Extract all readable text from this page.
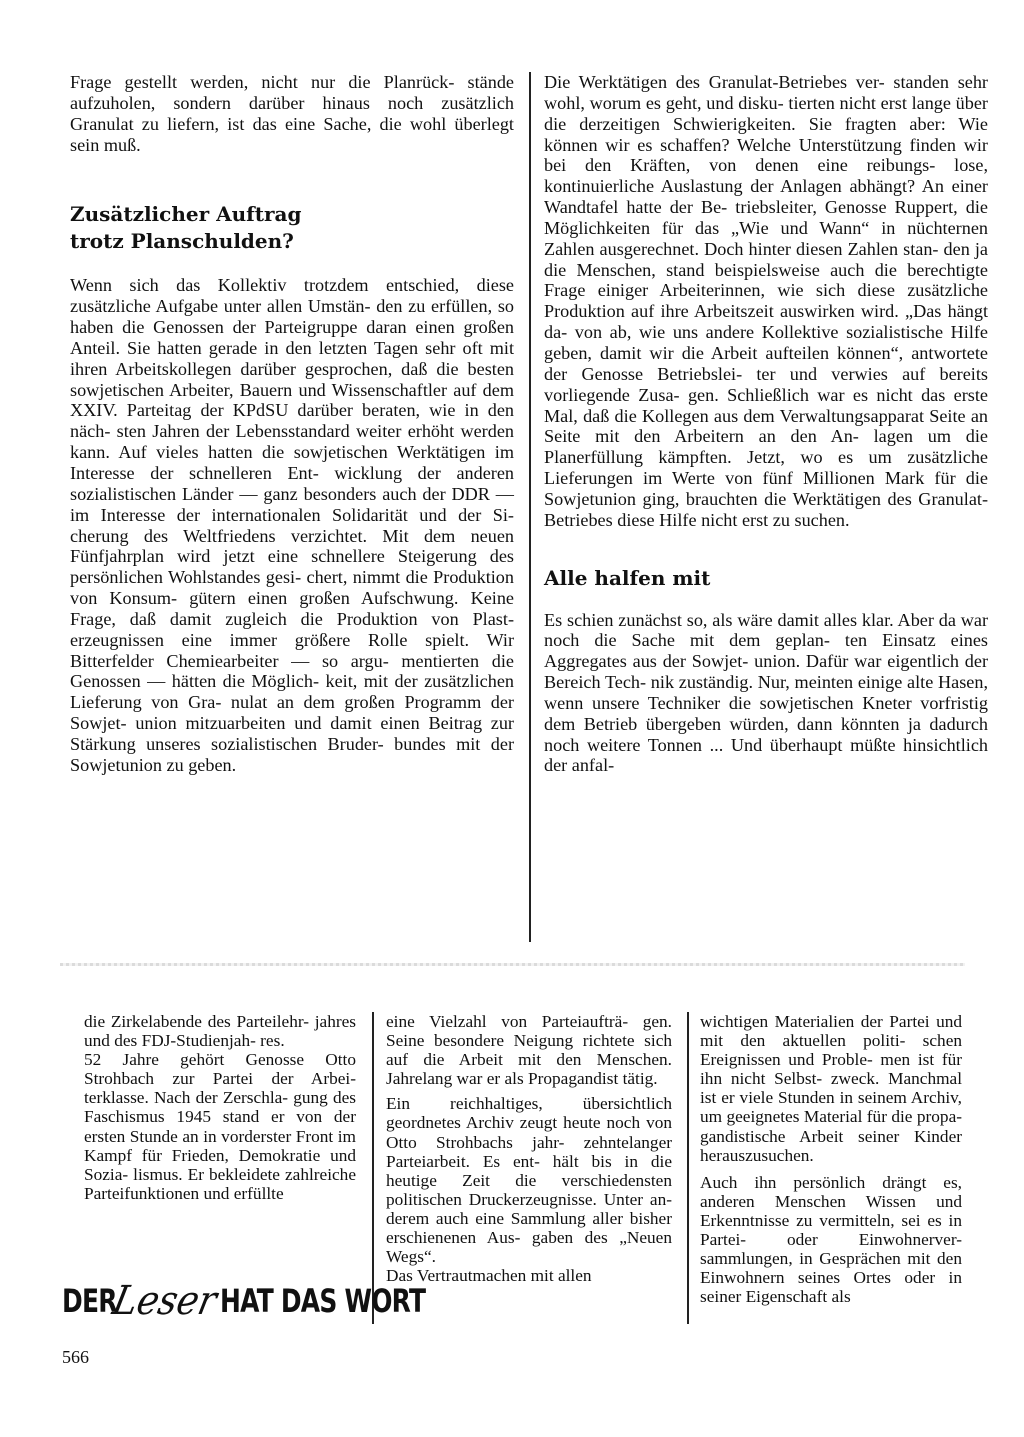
Frage gestellt werden, nicht nur die Planrück- stände aufzuholen, sondern darüber hinaus noch zusätzlich Granulat zu liefern, ist das eine Sache, die wohl überlegt sein muß.

Zusätzlicher Auftrag
trotz Planschulden?

Wenn sich das Kollektiv trotzdem entschied, diese zusätzliche Aufgabe unter allen Umstän- den zu erfüllen, so haben die Genossen der Parteigruppe daran einen großen Anteil. Sie hatten gerade in den letzten Tagen sehr oft mit ihren Arbeitskollegen darüber gesprochen, daß die besten sowjetischen Arbeiter, Bauern und Wissenschaftler auf dem XXIV. Parteitag der KPdSU darüber beraten, wie in den näch- sten Jahren der Lebensstandard weiter erhöht werden kann. Auf vieles hatten die sowjetischen Werktätigen im Interesse der schnelleren Ent- wicklung der anderen sozialistischen Länder — ganz besonders auch der DDR — im Interesse der internationalen Solidarität und der Si- cherung des Weltfriedens verzichtet. Mit dem neuen Fünfjahrplan wird jetzt eine schnellere Steigerung des persönlichen Wohlstandes gesi- chert, nimmt die Produktion von Konsum- gütern einen großen Aufschwung. Keine Frage, daß damit zugleich die Produktion von Plast- erzeugnissen eine immer größere Rolle spielt. Wir Bitterfelder Chemiearbeiter — so argu- mentierten die Genossen — hätten die Möglich- keit, mit der zusätzlichen Lieferung von Gra- nulat an dem großen Programm der Sowjet- union mitzuarbeiten und damit einen Beitrag zur Stärkung unseres sozialistischen Bruder- bundes mit der Sowjetunion zu geben.

Die Werktätigen des Granulat-Betriebes ver- standen sehr wohl, worum es geht, und disku- tierten nicht erst lange über die derzeitigen Schwierigkeiten. Sie fragten aber: Wie können wir es schaffen? Welche Unterstützung finden wir bei den Kräften, von denen eine reibungs- lose, kontinuierliche Auslastung der Anlagen abhängt? An einer Wandtafel hatte der Be- triebsleiter, Genosse Ruppert, die Möglichkeiten für das „Wie und Wann“ in nüchternen Zahlen ausgerechnet. Doch hinter diesen Zahlen stan- den ja die Menschen, stand beispielsweise auch die berechtigte Frage einiger Arbeiterinnen, wie sich diese zusätzliche Produktion auf ihre Arbeitszeit auswirken wird. „Das hängt da- von ab, wie uns andere Kollektive sozialistische Hilfe geben, damit wir die Arbeit aufteilen können“, antwortete der Genosse Betriebslei- ter und verwies auf bereits vorliegende Zusa- gen. Schließlich war es nicht das erste Mal, daß die Kollegen aus dem Verwaltungsapparat Seite an Seite mit den Arbeitern an den An- lagen um die Planerfüllung kämpften. Jetzt, wo es um zusätzliche Lieferungen im Werte von fünf Millionen Mark für die Sowjetunion ging, brauchten die Werktätigen des Granulat- Betriebes diese Hilfe nicht erst zu suchen.

Alle halfen mit

Es schien zunächst so, als wäre damit alles klar. Aber da war noch die Sache mit dem geplan- ten Einsatz eines Aggregates aus der Sowjet- union. Dafür war eigentlich der Bereich Tech- nik zuständig. Nur, meinten einige alte Hasen, wenn unsere Techniker die sowjetischen Kneter vorfristig dem Betrieb übergeben würden, dann könnten ja dadurch noch weitere Tonnen ... Und überhaupt müßte hinsichtlich der anfal-

die Zirkelabende des Parteilehr- jahres und des FDJ-Studienjah- res.

52 Jahre gehört Genosse Otto Strohbach zur Partei der Arbei- terklasse. Nach der Zerschla- gung des Faschismus 1945 stand er von der ersten Stunde an in vorderster Front im Kampf für Frieden, Demokratie und Sozia- lismus. Er bekleidete zahlreiche Parteifunktionen und erfüllte

eine Vielzahl von Parteiaufträ- gen. Seine besondere Neigung richtete sich auf die Arbeit mit den Menschen. Jahrelang war er als Propagandist tätig.

Ein reichhaltiges, übersichtlich geordnetes Archiv zeugt heute noch von Otto Strohbachs jahr- zehntelanger Parteiarbeit. Es ent- hält bis in die heutige Zeit die verschiedensten politischen Druckerzeugnisse. Unter an- derem auch eine Sammlung aller bisher erschienenen Aus- gaben des „Neuen Wegs“.

Das Vertrautmachen mit allen

wichtigen Materialien der Partei und mit den aktuellen politi- schen Ereignissen und Proble- men ist für ihn nicht Selbst- zweck. Manchmal ist er viele Stunden in seinem Archiv, um geeignetes Material für die propa- gandistische Arbeit seiner Kinder herauszusuchen.

Auch ihn persönlich drängt es, anderen Menschen Wissen und Erkenntnisse zu vermitteln, sei es in Partei- oder Einwohnerver- sammlungen, in Gesprächen mit den Einwohnern seines Ortes oder in seiner Eigenschaft als

DER
Leser
HAT DAS WORT
566
